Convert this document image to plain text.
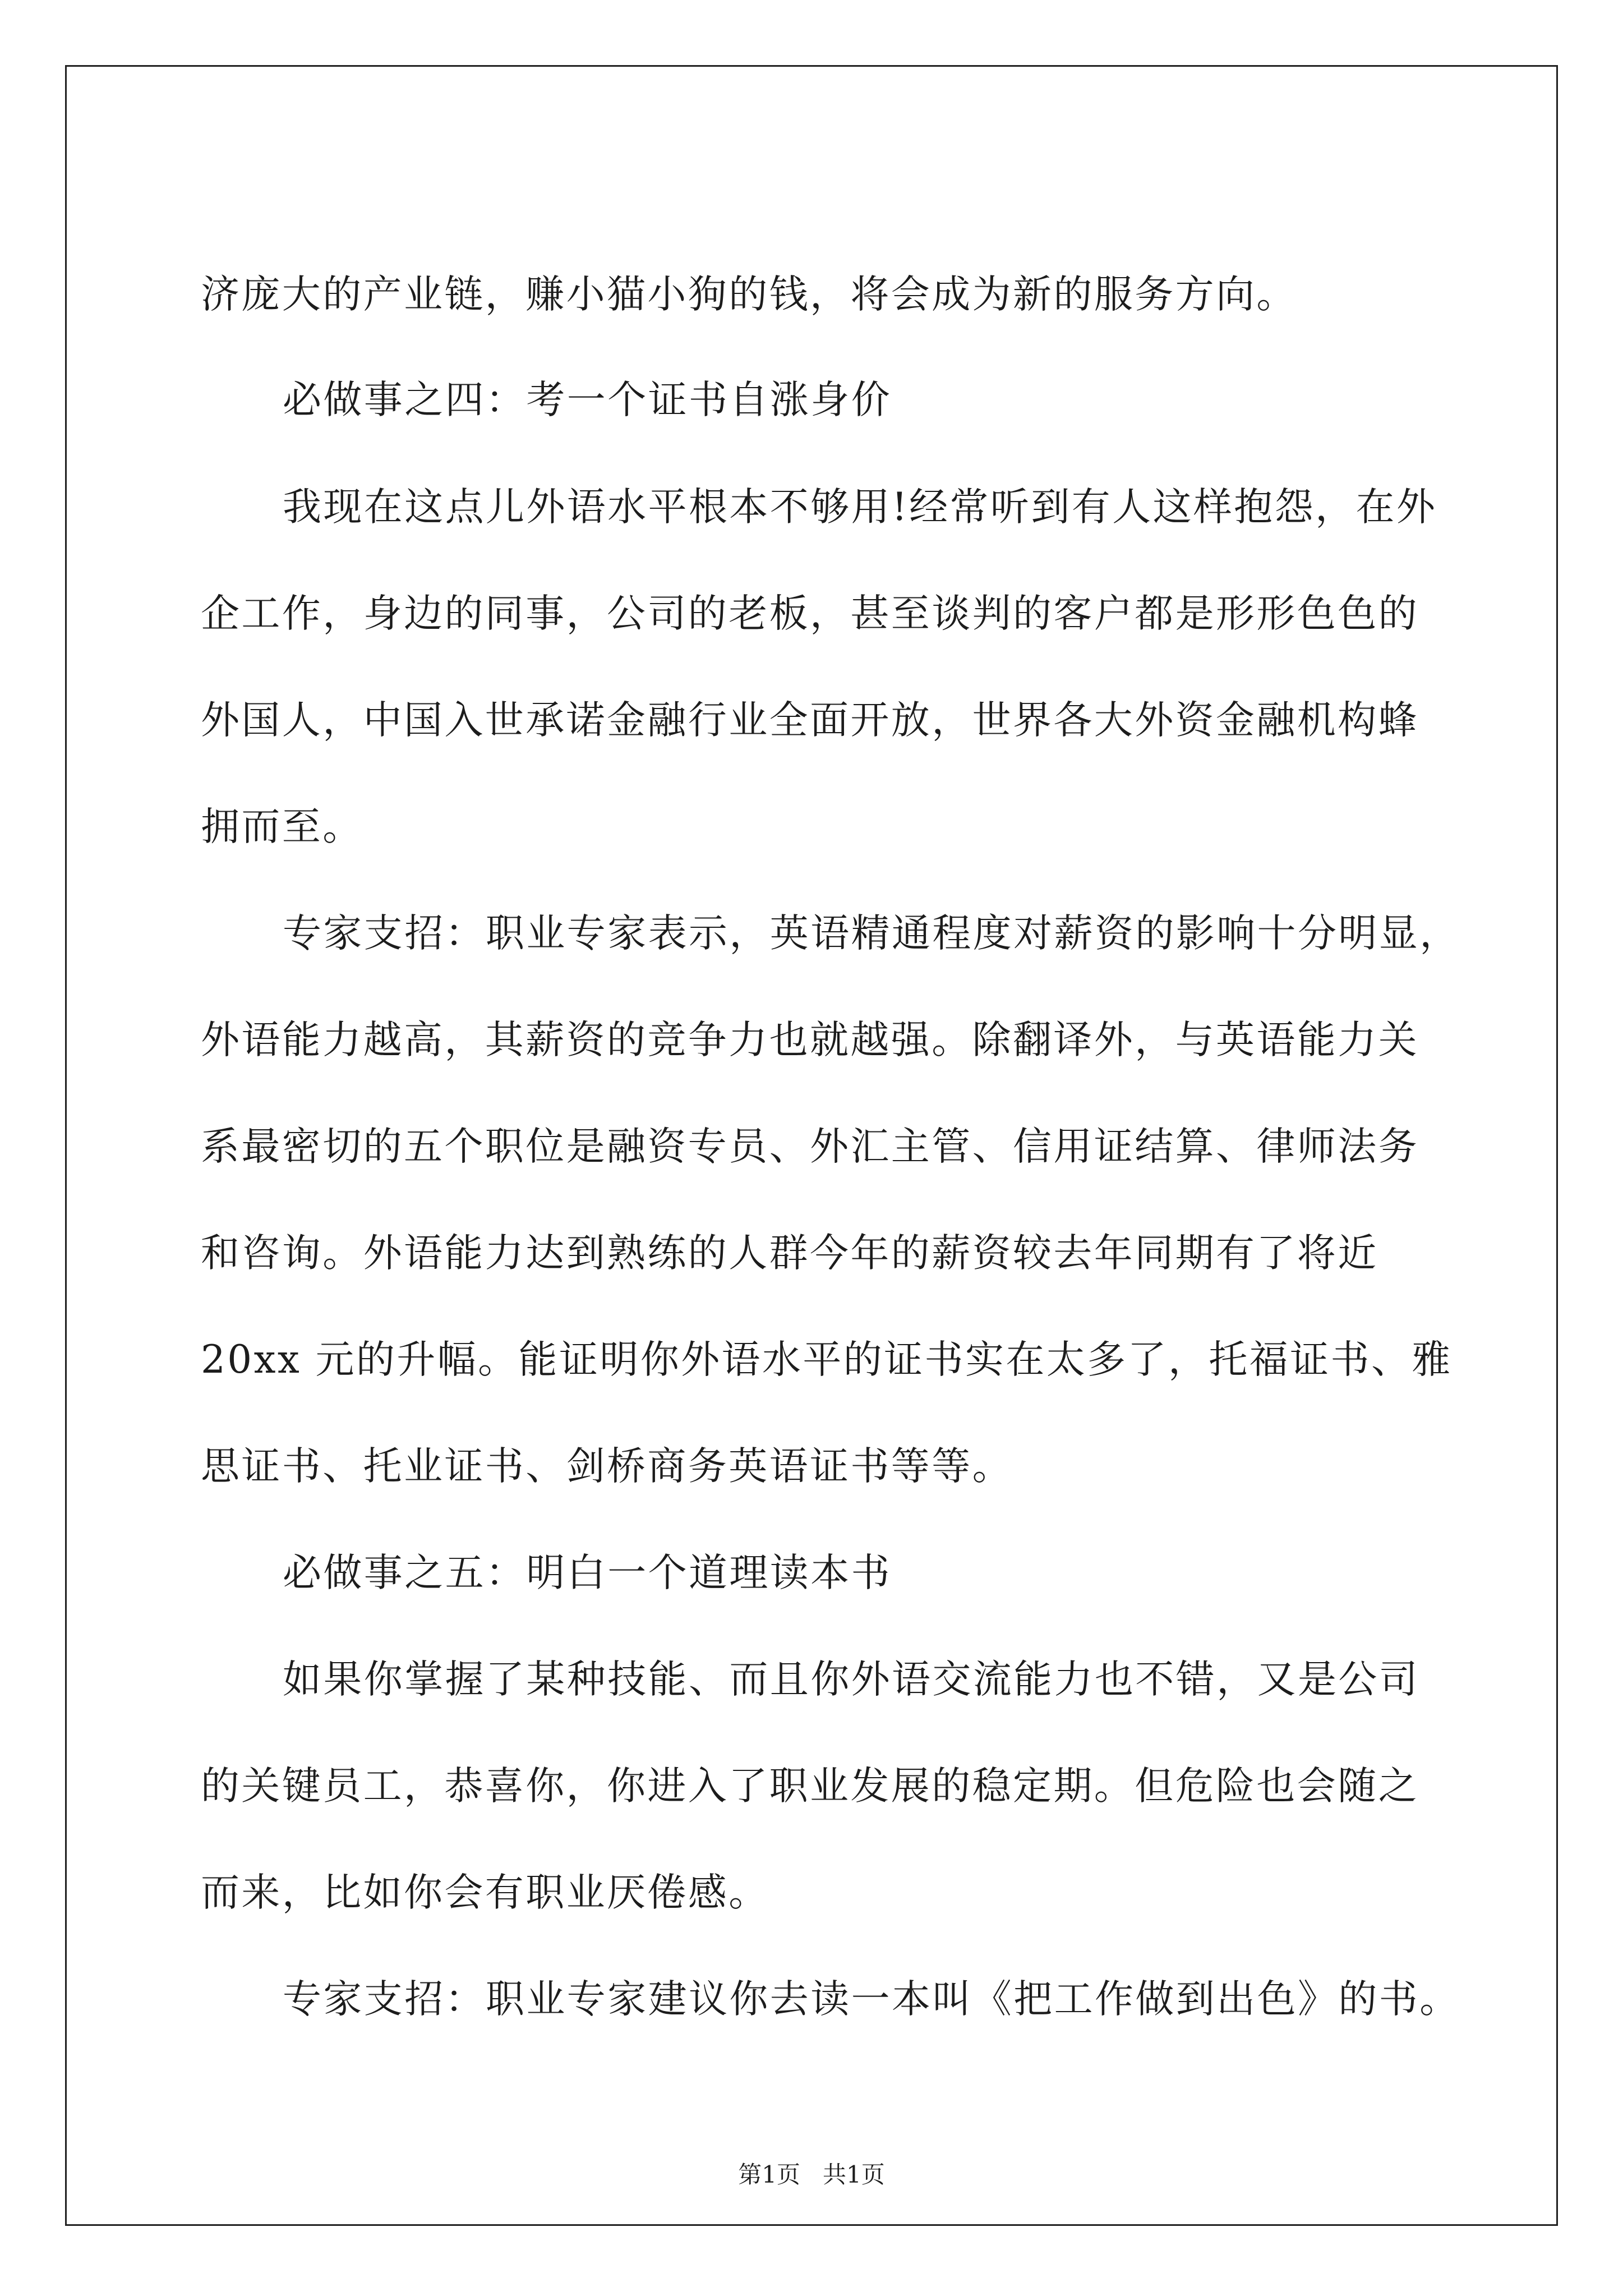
济庞大的产业链，赚小猫小狗的钱，将会成为新的服务方向。
必做事之四：考一个证书自涨身价
我现在这点儿外语水平根本不够用!经常听到有人这样抱怨，在外
企工作，身边的同事，公司的老板，甚至谈判的客户都是形形色色的
外国人，中国入世承诺金融行业全面开放，世界各大外资金融机构蜂
拥而至。
专家支招：职业专家表示，英语精通程度对薪资的影响十分明显，
外语能力越高，其薪资的竞争力也就越强。除翻译外，与英语能力关
系最密切的五个职位是融资专员、外汇主管、信用证结算、律师法务
和咨询。外语能力达到熟练的人群今年的薪资较去年同期有了将近
20xx 元的升幅。能证明你外语水平的证书实在太多了，托福证书、雅
思证书、托业证书、剑桥商务英语证书等等。
必做事之五：明白一个道理读本书
如果你掌握了某种技能、而且你外语交流能力也不错，又是公司
的关键员工，恭喜你，你进入了职业发展的稳定期。但危险也会随之
而来，比如你会有职业厌倦感。
专家支招：职业专家建议你去读一本叫《把工作做到出色》的书。
第1页   共1页
